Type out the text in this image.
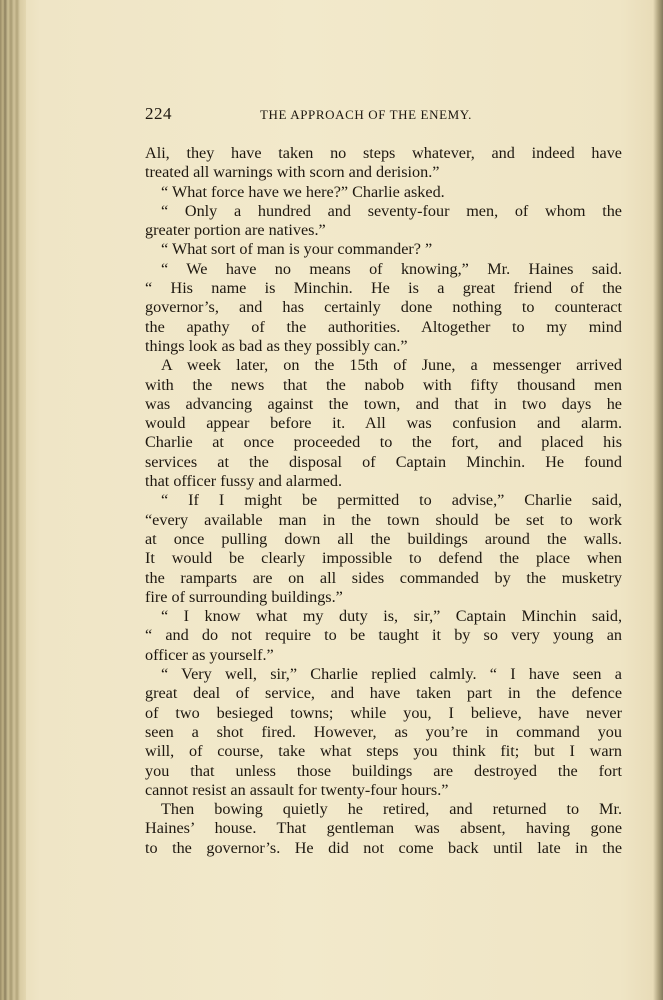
224	THE APPROACH OF THE ENEMY.
Ali, they have taken no steps whatever, and indeed have
treated all warnings with scorn and derision.”
“ What force have we here?” Charlie asked.
“ Only a hundred and seventy-four men, of whom the
greater portion are natives.”
“ What sort of man is your commander? ”
“ We have no means of knowing,” Mr. Haines said.
“ His name is Minchin. He is a great friend of the
governor’s, and has certainly done nothing to counteract
the apathy of the authorities. Altogether to my mind
things look as bad as they possibly can.”
A week later, on the 15th of June, a messenger arrived
with the news that the nabob with fifty thousand men
was advancing against the town, and that in two days he
would appear before it. All was confusion and alarm.
Charlie at once proceeded to the fort, and placed his
services at the disposal of Captain Minchin. He found
that officer fussy and alarmed.
“ If I might be permitted to advise,” Charlie said,
“every available man in the town should be set to work
at once pulling down all the buildings around the walls.
It would be clearly impossible to defend the place when
the ramparts are on all sides commanded by the musketry
fire of surrounding buildings.”
“ I know what my duty is, sir,” Captain Minchin said,
“ and do not require to be taught it by so very young an
officer as yourself.”
“ Very well, sir,” Charlie replied calmly. “ I have seen a
great deal of service, and have taken part in the defence
of two besieged towns; while you, I believe, have never
seen a shot fired. However, as you’re in command you
will, of course, take what steps you think fit; but I warn
you that unless those buildings are destroyed the fort
cannot resist an assault for twenty-four hours.”
Then bowing quietly he retired, and returned to Mr.
Haines’ house. That gentleman was absent, having gone
to the governor’s. He did not come back until late in the
